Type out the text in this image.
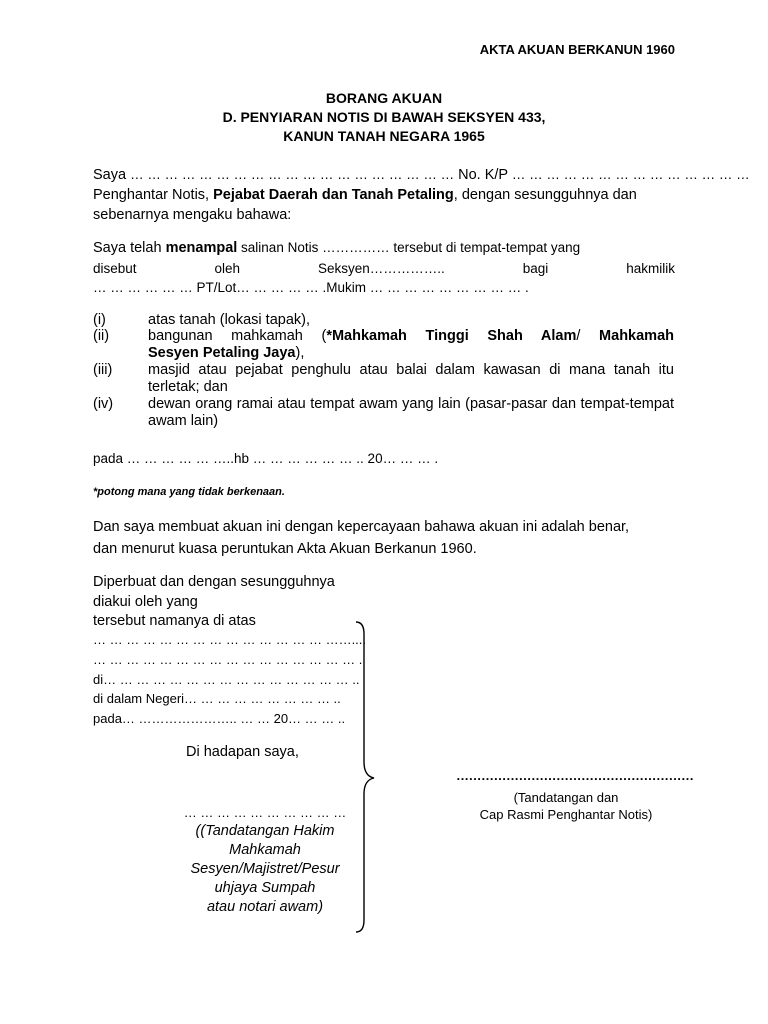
AKTA AKUAN BERKANUN 1960
BORANG AKUAN
D. PENYIARAN NOTIS DI BAWAH SEKSYEN 433,
KANUN TANAH NEGARA 1965
Saya … … … … … … … … … … … … … … … … … … … No. K/P … … … … … … … … … … … … … …
Penghantar Notis, Pejabat Daerah dan Tanah Petaling, dengan sesungguhnya dan
sebenarnya mengaku bahawa:
Saya telah menampal salinan Notis …………… tersebut di tempat-tempat yang
disebut	oleh	Seksyen……………..	bagi	hakmilik
… … … … … … PT/Lot… … … … … .Mukim … … … … … … … … … .
(i)	atas tanah (lokasi tapak),
(ii)	bangunan mahkamah (*Mahkamah Tinggi Shah Alam/ Mahkamah
Sesyen Petaling Jaya),
(iii) masjid atau pejabat penghulu atau balai dalam kawasan di mana tanah itu terletak; dan
(iv) dewan orang ramai atau tempat awam yang lain (pasar-pasar dan tempat-tempat awam lain)
pada … … … … … …..hb … … … … … … .. 20… … … .
*potong mana yang tidak berkenaan.
Dan saya membuat akuan ini dengan kepercayaan bahawa akuan ini adalah benar,
dan menurut kuasa peruntukan Akta Akuan Berkanun 1960.
Diperbuat dan dengan sesungguhnya
diakui oleh yang
tersebut namanya di atas
… … … … … … … … … … … … … … ……....
… … … … … … … … … … … … … … … … .
di… … … … … … … … … … … … … … … ..
di dalam Negeri… … … … … … … … … ..
pada… ………………….. … … 20… … … ..
Di hadapan saya,
… … … … … … … … … …
((Tandatangan Hakim
Mahkamah
Sesyen/Majistret/Pesur
uhjaya Sumpah
atau notari awam)
…………………………………………………
(Tandatangan dan
Cap Rasmi Penghantar Notis)
